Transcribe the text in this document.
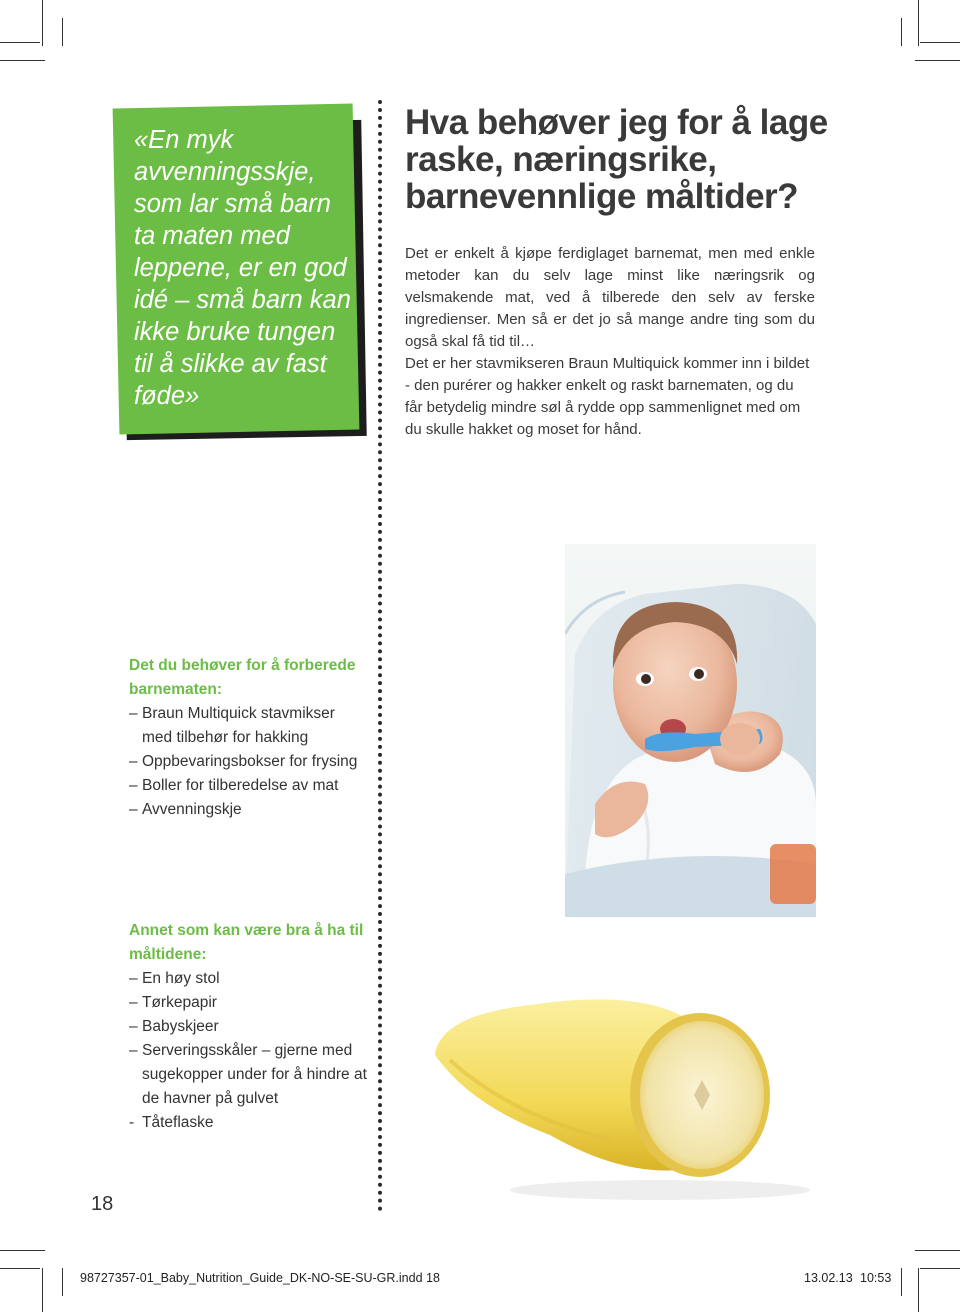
«En myk avvenningsskje, som lar små barn ta maten med leppene, er en god idé – små barn kan ikke bruke tungen til å slikke av fast føde»
Hva behøver jeg for å lage raske, næringsrike, barnevennlige måltider?

Det er enkelt å kjøpe ferdiglaget barnemat, men med enkle metoder kan du selv lage minst like næringsrik og velsmakende mat, ved å tilberede den selv av ferske ingredienser. Men så er det jo så mange andre ting som du også skal få tid til…

Det er her stavmikseren Braun Multiquick kommer inn i bildet - den purérer og hakker enkelt og raskt barnematen, og du får betydelig mindre søl å rydde opp sammenlignet med om du skulle hakket og moset for hånd.

Det du behøver for å forberede barnematen:
– Braun Multiquick stavmikser med tilbehør for hakking
– Oppbevaringsbokser for frysing
– Boller for tilberedelse av mat
– Avvenningskje
Annet som kan være bra å ha til måltidene:
– En høy stol
– Tørkepapir
– Babyskjeer
– Serveringsskåler – gjerne med sugekopper under for å hindre at de havner på gulvet
- Tåteflaske
18
98727357-01_Baby_Nutrition_Guide_DK-NO-SE-SU-GR.indd 18	13.02.13 10:53
